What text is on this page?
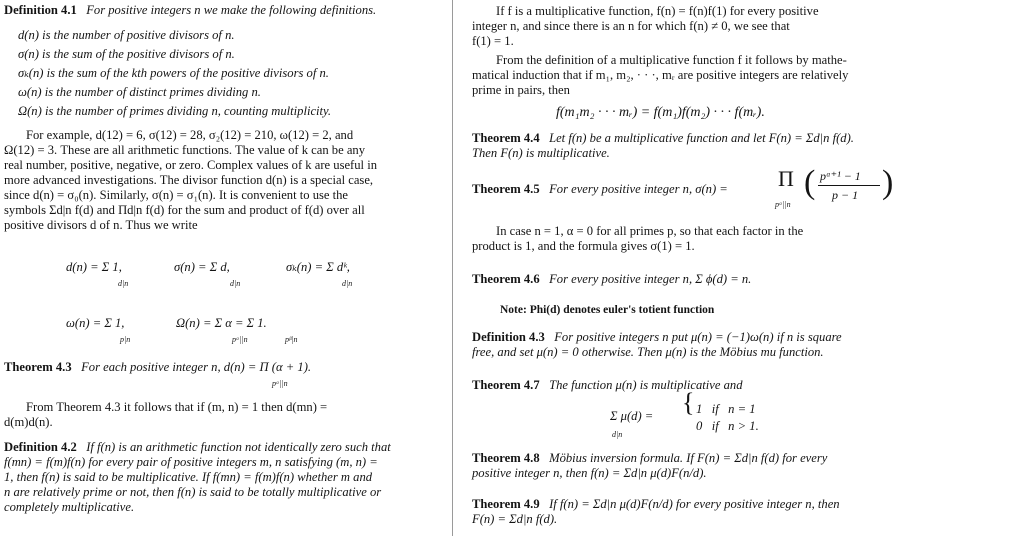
Definition 4.1 For positive integers n we make the following definitions.
d(n) is the number of positive divisors of n.
σ(n) is the sum of the positive divisors of n.
σₖ(n) is the sum of the kth powers of the positive divisors of n.
ω(n) is the number of distinct primes dividing n.
Ω(n) is the number of primes dividing n, counting multiplicity.
For example, d(12) = 6, σ(12) = 28, σ₂(12) = 210, ω(12) = 2, and
Ω(12) = 3. These are all arithmetic functions. The value of k can be any
real number, positive, negative, or zero. Complex values of k are useful in
more advanced investigations. The divisor function d(n) is a special case,
since d(n) = σ₀(n). Similarly, σ(n) = σ₁(n). It is convenient to use the
symbols Σd|n f(d) and Πd|n f(d) for the sum and product of f(d) over all
positive divisors d of n. Thus we write
d(n) = Σ 1,
d|n
σ(n) = Σ d,
d|n
σₖ(n) = Σ dᵏ,
d|n
ω(n) = Σ 1,
p|n
Ω(n) = Σ α = Σ 1.
pᵅ||n	pᵝ|n
Theorem 4.3 For each positive integer n, d(n) = Π (α + 1).
pᵅ||n
From Theorem 4.3 it follows that if (m, n) = 1 then d(mn) =
d(m)d(n).
Definition 4.2 If f(n) is an arithmetic function not identically zero such that
f(mn) = f(m)f(n) for every pair of positive integers m, n satisfying (m, n) =
1, then f(n) is said to be multiplicative. If f(mn) = f(m)f(n) whether m and
n are relatively prime or not, then f(n) is said to be totally multiplicative or
completely multiplicative.
If f is a multiplicative function, f(n) = f(n)f(1) for every positive
integer n, and since there is an n for which f(n) ≠ 0, we see that
f(1) = 1.
From the definition of a multiplicative function f it follows by mathe-
matical induction that if m₁, m₂, · · ·, mᵣ are positive integers are relatively
prime in pairs, then
f(m₁m₂ · · · mᵣ) = f(m₁)f(m₂) · · · f(mᵣ).
Theorem 4.4 Let f(n) be a multiplicative function and let F(n) = Σd|n f(d).
Then F(n) is multiplicative.
Theorem 4.5 For every positive integer n, σ(n) = Π
pᵅ||n
( pᵅ⁺¹ − 1
p − 1 )
In case n = 1, α = 0 for all primes p, so that each factor in the
product is 1, and the formula gives σ(1) = 1.
Theorem 4.6 For every positive integer n, Σ ϕ(d) = n.
Note: Phi(d) denotes euler's totient function
Definition 4.3 For positive integers n put μ(n) = (−1)ω(n) if n is square
free, and set μ(n) = 0 otherwise. Then μ(n) is the Möbius mu function.
Theorem 4.7 The function μ(n) is multiplicative and
Σ μ(d) =
d|n
{ 1   if   n = 1
0   if   n > 1.
Theorem 4.8 Möbius inversion formula. If F(n) = Σd|n f(d) for every
positive integer n, then f(n) = Σd|n μ(d)F(n/d).
Theorem 4.9 If f(n) = Σd|n μ(d)F(n/d) for every positive integer n, then
F(n) = Σd|n f(d).
